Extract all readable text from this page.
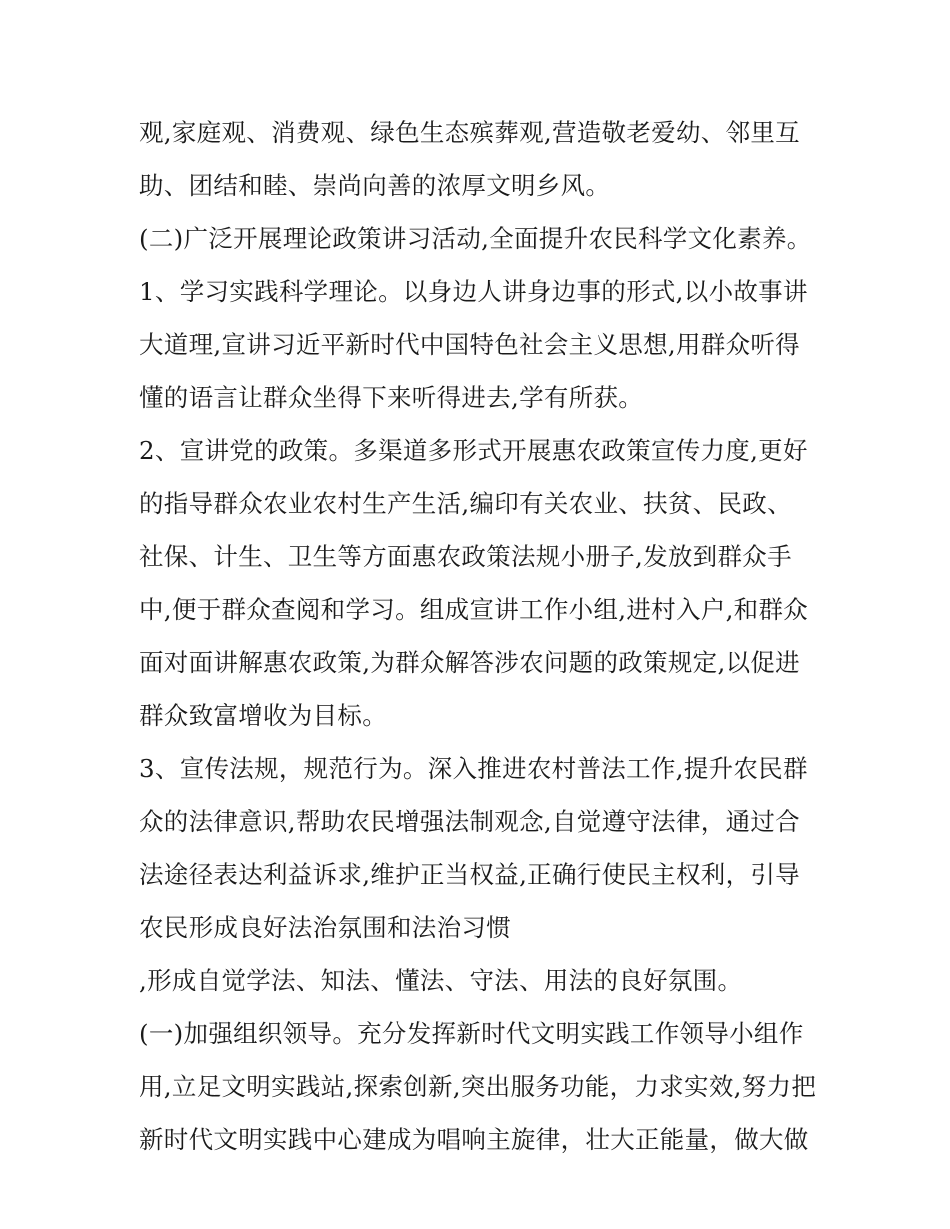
观,家庭观、消费观、绿色生态殡葬观,营造敬老爱幼、邻里互
助、团结和睦、崇尚向善的浓厚文明乡风。
(二)广泛开展理论政策讲习活动,全面提升农民科学文化素养。
1、学习实践科学理论。以身边人讲身边事的形式,以小故事讲
大道理,宣讲习近平新时代中国特色社会主义思想,用群众听得
懂的语言让群众坐得下来听得进去,学有所获。
2、宣讲党的政策。多渠道多形式开展惠农政策宣传力度,更好
的指导群众农业农村生产生活,编印有关农业、扶贫、民政、
社保、计生、卫生等方面惠农政策法规小册子,发放到群众手
中,便于群众查阅和学习。组成宣讲工作小组,进村入户,和群众
面对面讲解惠农政策,为群众解答涉农问题的政策规定,以促进
群众致富增收为目标。
3、宣传法规，规范行为。深入推进农村普法工作,提升农民群
众的法律意识,帮助农民增强法制观念,自觉遵守法律，通过合
法途径表达利益诉求,维护正当权益,正确行使民主权利，引导
农民形成良好法治氛围和法治习惯
,形成自觉学法、知法、懂法、守法、用法的良好氛围。
(一)加强组织领导。充分发挥新时代文明实践工作领导小组作
用,立足文明实践站,探索创新,突出服务功能，力求实效,努力把
新时代文明实践中心建成为唱响主旋律，壮大正能量，做大做
